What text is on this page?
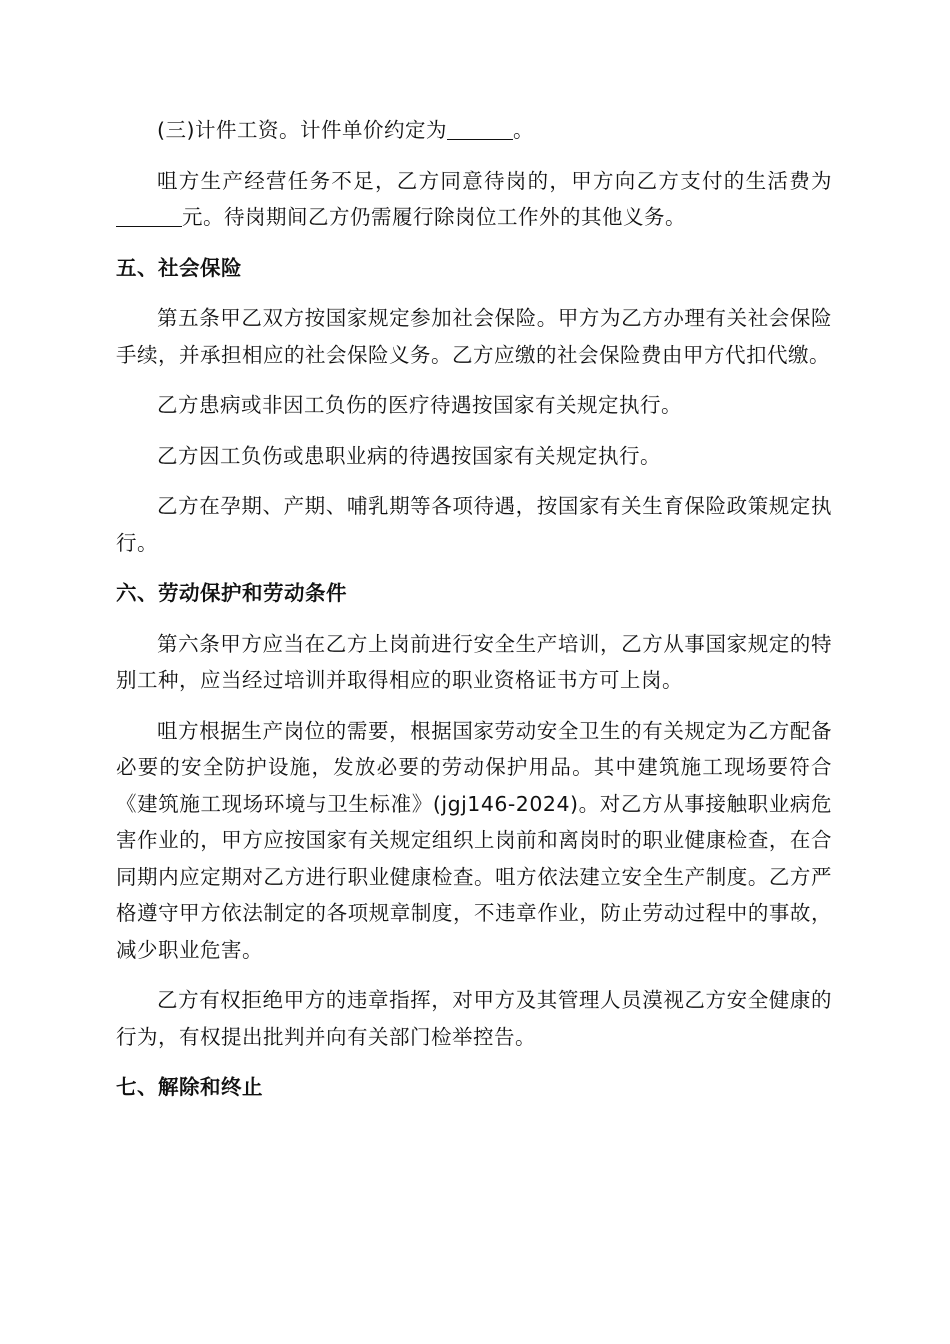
(三)计件工资。计件单价约定为	。

咀方生产经营任务不足，乙方同意待岗的，甲方向乙方支付的生活费为元。待岗期间乙方仍需履行除岗位工作外的其他义务。

五、社会保险

第五条甲乙双方按国家规定参加社会保险。甲方为乙方办理有关社会保险手续，并承担相应的社会保险义务。乙方应缴的社会保险费由甲方代扣代缴。

乙方患病或非因工负伤的医疗待遇按国家有关规定执行。

乙方因工负伤或患职业病的待遇按国家有关规定执行。

乙方在孕期、产期、哺乳期等各项待遇，按国家有关生育保险政策规定执行。

六、劳动保护和劳动条件

第六条甲方应当在乙方上岗前进行安全生产培训，乙方从事国家规定的特别工种，应当经过培训并取得相应的职业资格证书方可上岗。

咀方根据生产岗位的需要，根据国家劳动安全卫生的有关规定为乙方配备必要的安全防护设施，发放必要的劳动保护用品。其中建筑施工现场要符合《建筑施工现场环境与卫生标准》(jgj146-2024)。对乙方从事接触职业病危害作业的，甲方应按国家有关规定组织上岗前和离岗时的职业健康检查，在合同期内应定期对乙方进行职业健康检查。咀方依法建立安全生产制度。乙方严格遵守甲方依法制定的各项规章制度，不违章作业，防止劳动过程中的事故，减少职业危害。

乙方有权拒绝甲方的违章指挥，对甲方及其管理人员漠视乙方安全健康的行为，有权提出批判并向有关部门检举控告。

七、解除和终止
